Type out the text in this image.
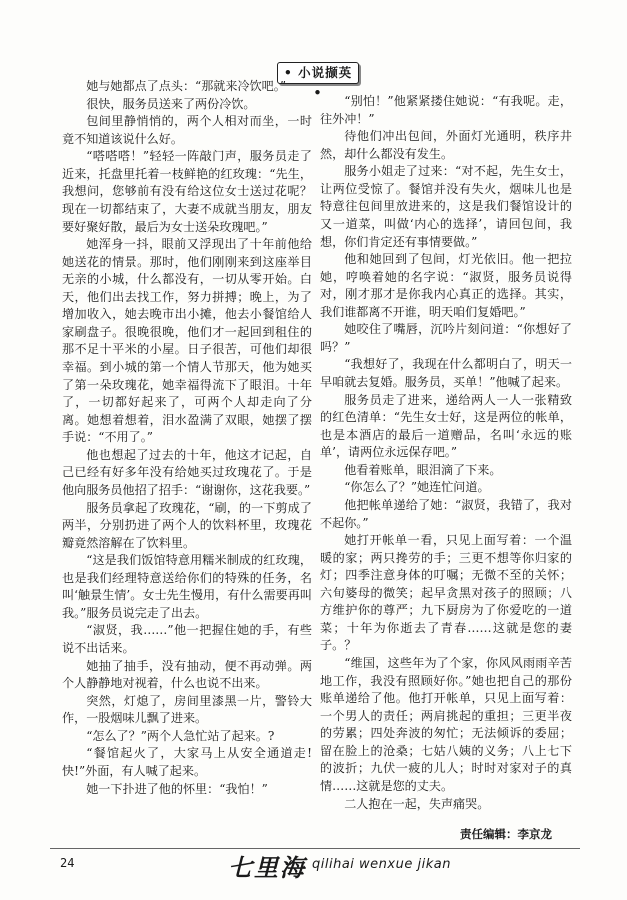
• 小说撷英 •

她与她都点了点头：“那就来冷饮吧。”

很快，服务员送来了两份冷饮。

包间里静悄悄的，两个人相对而坐，一时竟不知道该说什么好。

“嗒嗒嗒！”轻轻一阵敲门声，服务员走了近来，托盘里托着一枝鲜艳的红玫瑰：“先生，我想问，您够前有没有给这位女士送过花呢？现在一切都结束了，大妻不成就当朋友，朋友要好聚好散，最后为女士送朵玫瑰吧。”

她浑身一抖，眼前又浮现出了十年前他给她送花的情景。那时，他们刚刚来到这座举目无亲的小城，什么都没有，一切从零开始。白天，他们出去找工作，努力拼搏；晚上，为了增加收入，她去晚市出小摊，他去小餐馆给人家刷盘子。很晚很晚，他们才一起回到租住的那不足十平米的小屋。日子很苦，可他们却很幸福。到小城的第一个情人节那天，他为她买了第一朵玫瑰花，她幸福得流下了眼泪。十年了，一切都好起来了，可两个人却走向了分离。她想着想着，泪水盈满了双眼，她摆了摆手说：“不用了。”

他也想起了过去的十年，他这才记起，自己已经有好多年没有给她买过玫瑰花了。于是他向服务员他招了招手：“谢谢你，这花我要。”

服务员拿起了玫瑰花，“刷，的一下剪成了两半，分别扔进了两个人的饮料杯里，玫瑰花瓣竟然溶解在了饮料里。

“这是我们饭馆特意用糯米制成的红玫瑰，也是我们经理特意送给你们的特殊的任务，名叫‘触景生情’。女士先生慢用，有什么需要再叫我。”服务员说完走了出去。

“淑贤，我……”他一把握住她的手，有些说不出话来。

她抽了抽手，没有抽动，便不再动弹。两个人静静地对视着，什么也说不出来。

突然，灯熄了，房间里漆黑一片，警铃大作，一股烟味儿飘了进来。

“怎么了？”两个人急忙站了起来。?

“餐馆起火了，大家马上从安全通道走!快!”外面，有人喊了起来。

她一下扑进了他的怀里：“我怕！”

“别怕！”他紧紧搂住她说：“有我呢。走，往外冲！”

待他们冲出包间，外面灯光通明，秩序井然，却什么都没有发生。

服务小姐走了过来：“对不起，先生女士，让两位受惊了。餐馆并没有失火，烟味儿也是特意往包间里放进来的，这是我们餐馆设计的又一道菜，叫做‘内心的选择’，请回包间，我想，你们肯定还有事情要做。”

他和她回到了包间，灯光依旧。他一把拉她，哼唤着她的名字说：“淑贤，服务员说得对，刚才那才是你我内心真正的选择。其实，我们谁都离不开谁，明天咱们复婚吧。”

她咬住了嘴唇，沉吟片刻问道：“你想好了吗？”

“我想好了，我现在什么都明白了，明天一早咱就去复婚。服务员，买单！”他喊了起来。

服务员走了进来，递给两人一人一张精致的红色清单：“先生女士好，这是两位的帐单，也是本酒店的最后一道赠品，名叫‘永远的账单’，请两位永远保存吧。”

他看着账单，眼泪滴了下来。

“你怎么了？”她连忙问道。

他把帐单递给了她：“淑贤，我错了，我对不起你。”

她打开帐单一看，只见上面写着：一个温暖的家；两只搀劳的手；三更不想等你归家的灯；四季注意身体的叮嘱；无微不至的关怀；六旬婆母的微笑；起早贪黑对孩子的照顾；八方维护你的尊严；九下厨房为了你爱吃的一道菜；十年为你逝去了青春……这就是您的妻子。？

“维国，这些年为了个家，你风风雨雨辛苦地工作，我没有照顾好你。”她也把自己的那份账单递给了他。他打开帐单，只见上面写着：一个男人的责任；两肩挑起的重担；三更半夜的劳累；四处奔波的匆忙；无法倾诉的委屈；留在脸上的沧桑；七姑八姨的义务；八上七下的波折；九伏一疲的儿人；时时对家对子的真情……这就是您的丈夫。

二人抱在一起，失声痛哭。

责任编辑：李京龙
24	七里海 qilihai wenxue jikan
